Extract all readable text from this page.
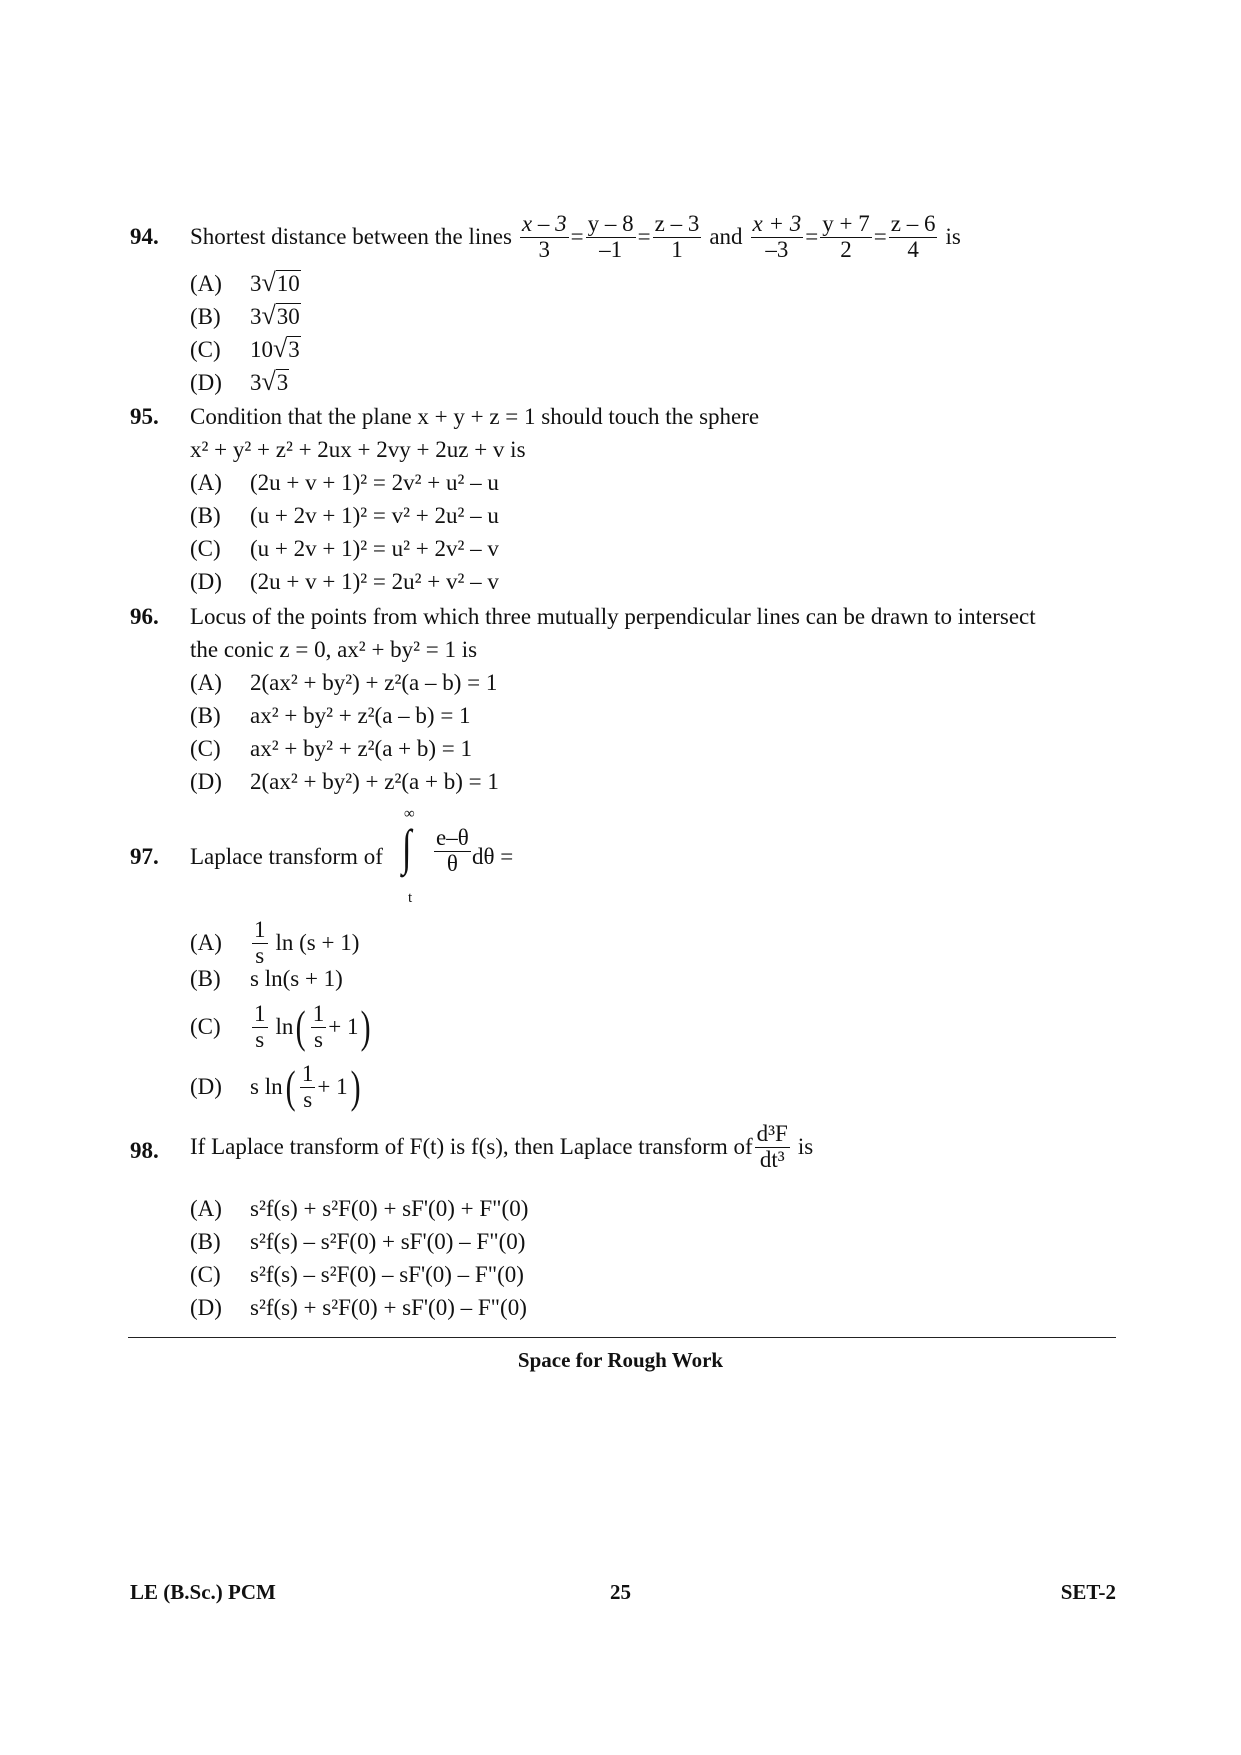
94. Shortest distance between the lines $\frac{x - 3}{3} = \frac{y - 8}{-1} = \frac{z - 3}{1}$ and $\frac{x + 3}{-3} = \frac{y + 7}{2} = \frac{z - 6}{4}$ is
(A)	3 √ 10
(B)	3 √ 30
(C)	10 √ 3
(D)	3 √ 3
95. Condition that the plane x + y + z = 1 should touch the sphere
x² + y² + z² + 2ux + 2vy + 2uz + v is
(A)	(2u + v + 1)² = 2v² + u² – u
(B)	(u + 2v + 1)² = v² + 2u² – u
(C)	(u + 2v + 1)² = u² + 2v² – v
(D)	(2u + v + 1)² = 2u² + v² – v
96. Locus of the points from which three mutually perpendicular lines can be drawn to intersect
the conic z = 0, ax² + by² = 1 is
(A)	2(ax² + by²) + z²(a – b) = 1
(B)	ax² + by² + z²(a – b) = 1
(C)	ax² + by² + z²(a + b) = 1
(D)	2(ax² + by²) + z²(a + b) = 1
97. Laplace transform of
∞
∫
t
$\frac{e-\theta}{\theta}$ dθ =
(A)	$\frac{1}{s}$ ln (s + 1)
(B)	s ln(s + 1)
(C)	$\frac{1}{s}$ ln ( $\frac{1}{s} + 1$ )
(D)	s ln ( $\frac{1}{s} + 1$ )
98. If Laplace transform of F(t) is f(s), then Laplace transform of $\frac{\text{d³F}}{\text{dt³}}$ is
(A)	s²f(s) + s²F(0) + sF'(0) + F"(0)
(B)	s²f(s) – s²F(0) + sF'(0) – F"(0)
(C)	s²f(s) – s²F(0) – sF'(0) – F"(0)
(D)	s²f(s) + s²F(0) + sF'(0) – F"(0)
Space for Rough Work
LE (B.Sc.) PCM	25	SET-2
